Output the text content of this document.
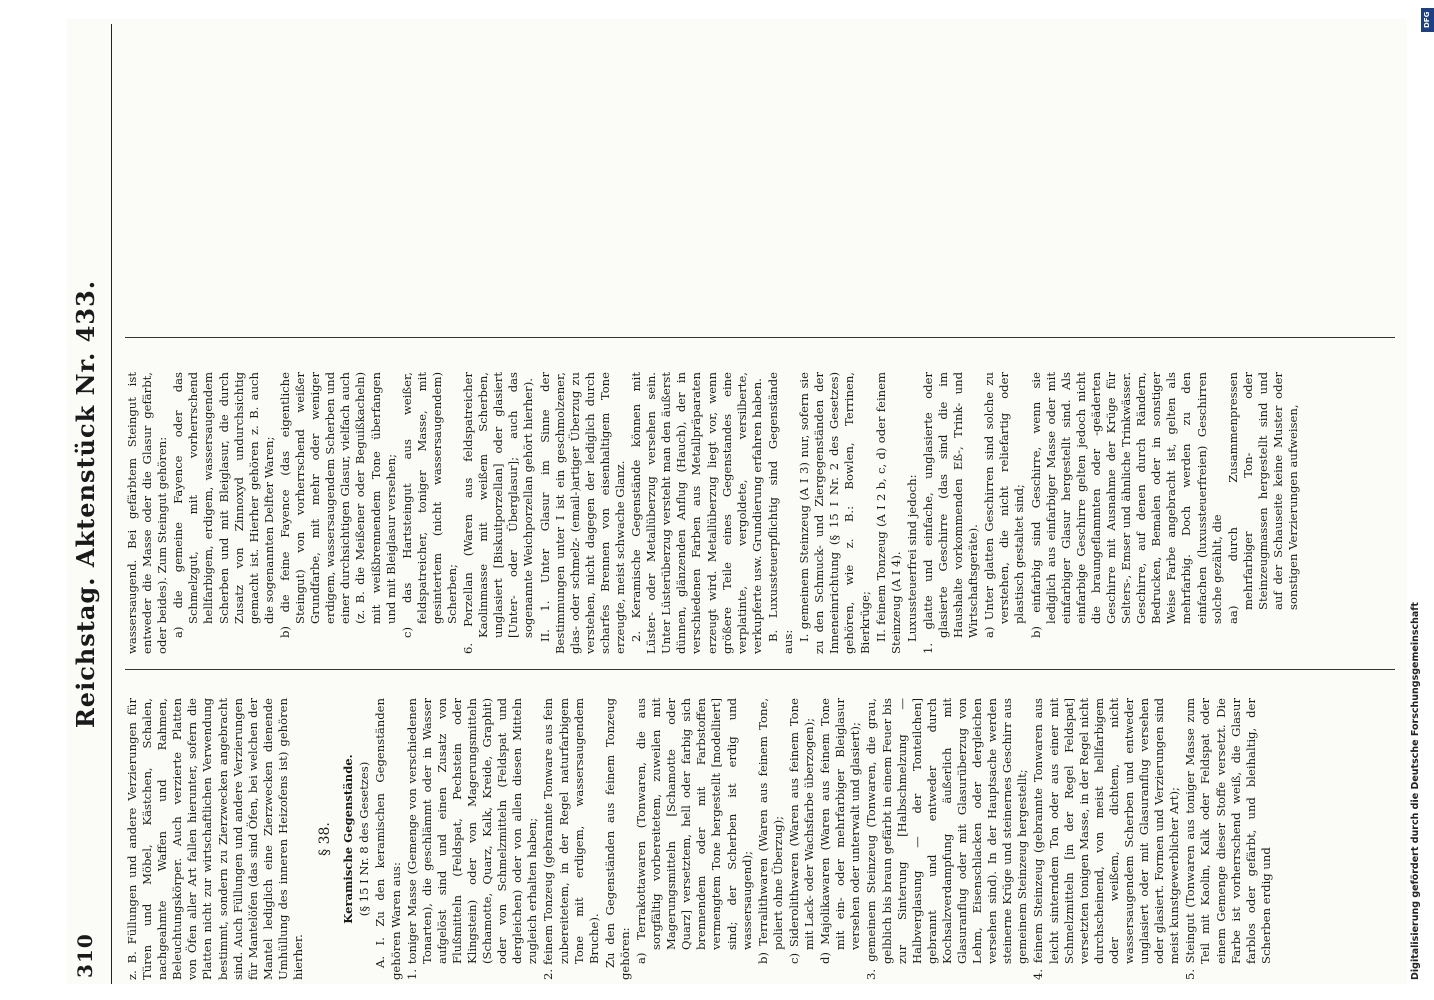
310
Reichstag. Aktenstück Nr. 433.

z. B. Füllungen und andere Verzierungen für Türen und Möbel, Kästchen, Schalen, nachgeahmte Waffen und Rahmen, Beleuchtungskörper. Auch verzierte Platten von Öfen aller Art fallen hierunter, sofern die Platten nicht zur wirtschaftlichen Verwendung bestimmt, sondern zu Zierzwecken angebracht sind. Auch Füllungen und andere Verzierungen für Mantelöfen (das sind Öfen, bei welchen der Mantel lediglich eine Zierzwecken dienende Umhüllung des inneren Heizofens ist) gehören hierher.

§ 38. Keramische Gegenstände. (§ 15 I Nr. 8 des Gesetzes) A. I. Zu den keramischen Gegenständen gehören Waren aus: 1. toniger Masse (Gemenge von verschiedenen Tonarten), die geschlämmt oder in Wasser aufgelöst sind und einen Zusatz von Flußmitteln (Feldspat, Pechstein oder Klingstein) oder von Magerungsmitteln (Schamotte, Quarz, Kalk, Kreide, Graphit) oder von Schmelzmitteln (Feldspat und dergleichen) oder von allen diesen Mitteln zugleich erhalten haben; 2. feinem Tonzeug (gebrannte Tonware aus fein zubereitetem, in der Regel naturfarbigem Tone mit erdigem, wassersaugendem Bruche). Zu den Gegenständen aus feinem Tonzeug gehören: a) Terrakottawaren (Tonwaren, die aus sorgfältig vorbereitetem, zuweilen mit Magerungsmitteln [Schamotte oder Quarz] versetztem, hell oder farbig sich brennendem oder mit Farbstoffen vermengtem Tone hergestellt [modelliert] sind; der Scherben ist erdig und wassersaugend); b) Terralithwaren (Waren aus feinem Tone, poliert ohne Überzug); c) Siderolithwaren (Waren aus feinem Tone mit Lack- oder Wachsfarbe überzogen); d) Majolikawaren (Waren aus feinem Tone mit ein- oder mehrfarbiger Bleiglasur versehen oder unterwalt und glasiert); 3. gemeinem Steinzeug (Tonwaren, die grau, gelblich bis braun gefärbt in einem Feuer bis zur Sinterung [Halbschmelzung — Halbverglasung — der Tonteilchen] gebrannt und entweder durch Kochsalzverdampfung äußerlich mit Glasuranflug oder mit Glasurüberzug von Lehm, Eisenschlacken oder dergleichen versehen sind). In der Hauptsache werden steinerne Krüge und steinernes Geschirr aus gemeinem Steinzeug hergestellt; 4. feinem Steinzeug (gebrannte Tonwaren aus leicht sinterndem Ton oder aus einer mit Schmelzmitteln [in der Regel Feldspat] versetzten tonigen Masse, in der Regel nicht durchscheinend, von meist hellfarbigem oder weißem, dichtem, nicht wassersaugendem Scherben und entweder unglasiert oder mit Glasuranflug versehen oder glasiert. Formen und Verzierungen sind meist kunstgewerblicher Art); 5. Steingut (Tonwaren aus toniger Masse zum Teil mit Kaolin, Kalk oder Feldspat oder einem Gemenge dieser Stoffe versetzt. Die Farbe ist vorherrschend weiß, die Glasur farblos oder gefärbt, und bleihaltig, der Scherben erdig und

wassersaugend. Bei gefärbtem Steingut ist entweder die Masse oder die Glasur gefärbt, oder beides). Zum Steingut gehören: a) die gemeine Fayence oder das Schmelzgut, mit vorherrschend hellfarbigem, erdigem, wassersaugendem Scherben und mit Bleiglasur, die durch Zusatz von Zinnoxyd undurchsichtig gemacht ist. Hierher gehören z. B. auch die sogenannten Delfter Waren; b) die feine Fayence (das eigentliche Steingut) von vorherrschend weißer Grundfarbe, mit mehr oder weniger erdigem, wassersaugendem Scherben und einer durchsichtigen Glasur, vielfach auch (z. B. die Meißener oder Beguißkacheln) mit weißbrennendem Tone überfangen und mit Bleiglasur versehen; c) das Hartsteingut aus weißer, feldspatreicher, toniger Masse, mit gesintertem (nicht wassersaugendem) Scherben; 6. Porzellan (Waren aus feldspatreicher Kaolinmasse mit weißem Scherben, unglasiert [Biskuitporzellan] oder glasiert [Unter- oder Überglasur]; auch das sogenannte Weichporzellan gehört hierher). II. 1. Unter Glasur im Sinne der Bestimmungen unter I ist ein geschmolzener, glas- oder schmelz- (email-)artiger Überzug zu verstehen, nicht dagegen der lediglich durch scharfes Brennen von eisenhaltigem Tone erzeugte, meist schwache Glanz. 2. Keramische Gegenstände können mit Lüster- oder Metallüberzug versehen sein. Unter Lüsterüberzug versteht man den äußerst dünnen, glänzenden Anflug (Hauch), der in verschiedenen Farben aus Metallpräparaten erzeugt wird. Metallüberzug liegt vor, wenn größere Teile eines Gegenstandes eine verplatinte, vergoldete, versilberte, verkupferte usw. Grundierung erfahren haben. B. Luxussteuerpflichtig sind Gegenstände aus: I. gemeinem Steinzeug (A I 3) nur, sofern sie zu den Schmuck- und Ziergegenständen der Inneneinrichtung (§ 15 I Nr. 2 des Gesetzes) gehören, wie z. B.: Bowlen, Terrinen, Bierkrüge; II. feinem Tonzeug (A I 2 b, c, d) oder feinem Steinzeug (A I 4). Luxussteuerfrei sind jedoch: 1. glatte und einfache, unglasierte oder glasierte Geschirre (das sind die im Haushalte vorkommenden Eß-, Trink- und Wirtschaftsgeräte). a) Unter glatten Geschirren sind solche zu verstehen, die nicht reliefartig oder plastisch gestaltet sind; b) einfarbig sind Geschirre, wenn sie lediglich aus einfarbiger Masse oder mit einfarbiger Glasur hergestellt sind. Als einfarbige Geschirre gelten jedoch nicht die braungeflammten oder -geäderten Geschirre mit Ausnahme der Krüge für Selters-, Emser und ähnliche Trinkwässer. Geschirre, auf denen durch Rändern, Bedrucken, Bemalen oder in sonstiger Weise Farbe angebracht ist, gelten als mehrfarbig. Doch werden zu den einfachen (luxussteuerfreien) Geschirren solche gezählt, die aa) durch Zusammenpressen mehrfarbiger Ton- oder Steinzeugmassen hergestellt sind und auf der Schauseite keine Muster oder sonstigen Verzierungen aufweisen,

Digitalisierung gefördert durch die Deutsche Forschungsgemeinschaft
DFG
